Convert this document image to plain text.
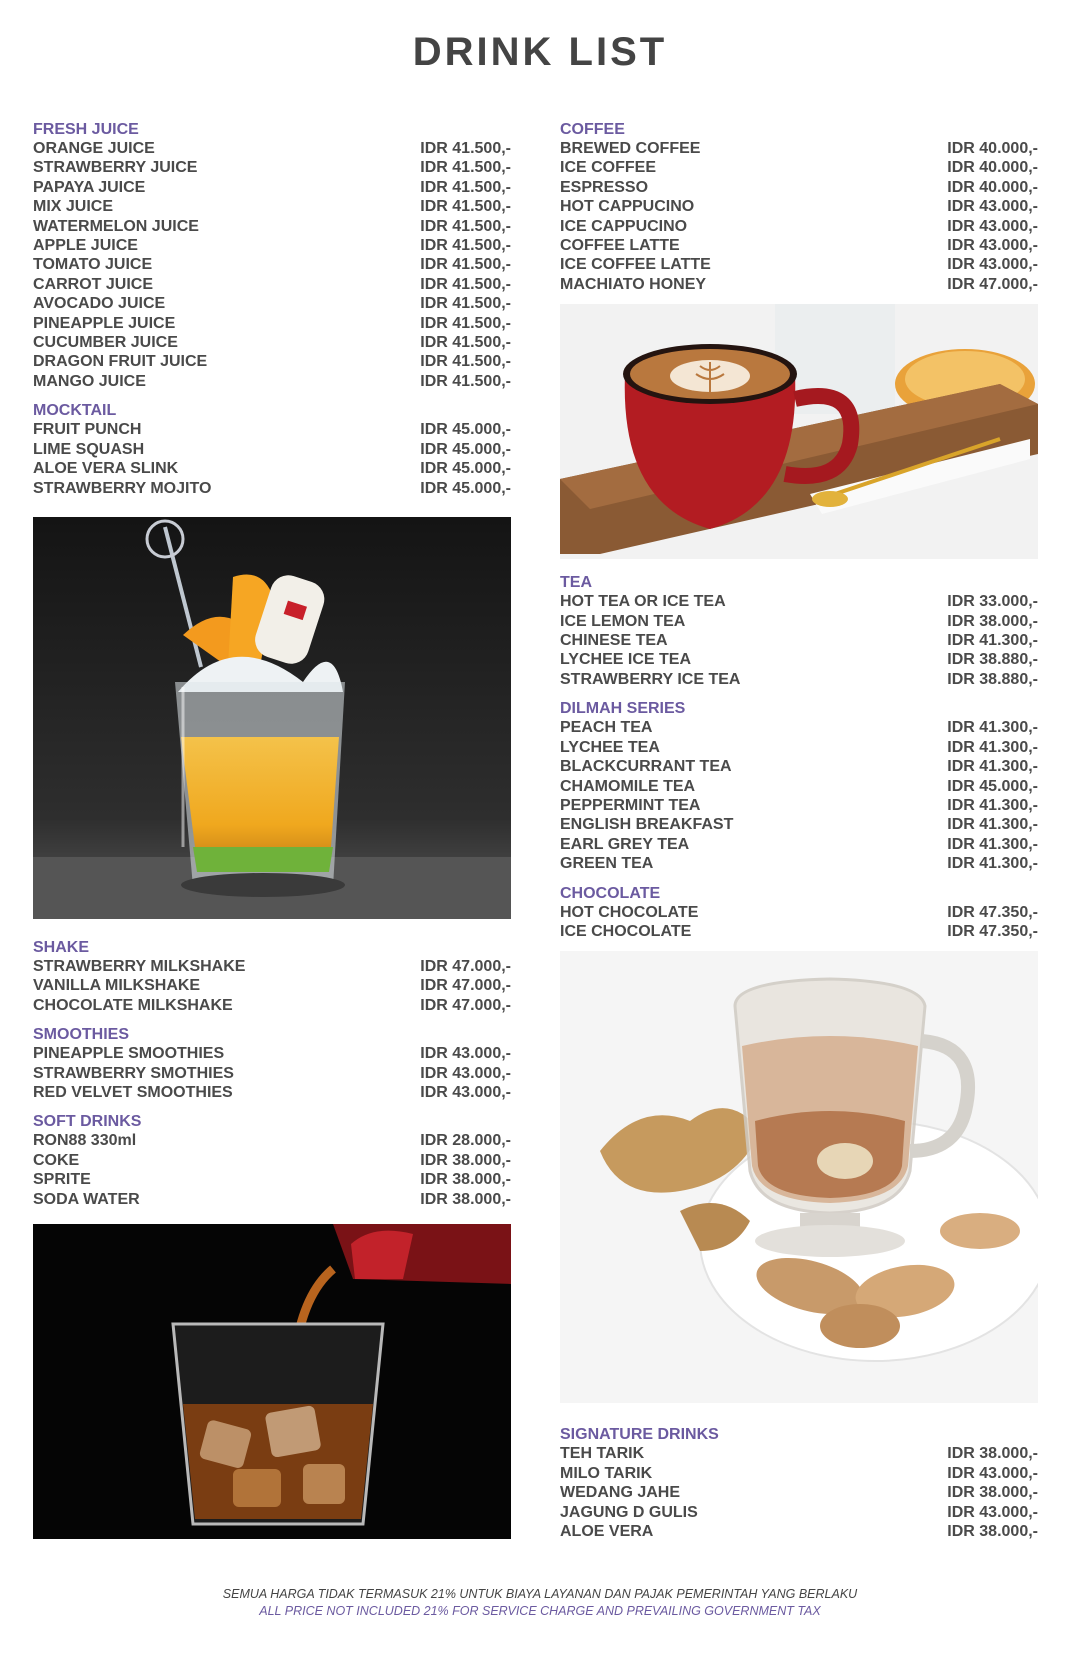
DRINK LIST
FRESH JUICE
ORANGE JUICE	IDR 41.500,-
STRAWBERRY JUICE	IDR 41.500,-
PAPAYA JUICE	IDR 41.500,-
MIX JUICE	IDR 41.500,-
WATERMELON JUICE	IDR 41.500,-
APPLE JUICE	IDR 41.500,-
TOMATO JUICE	IDR 41.500,-
CARROT JUICE	IDR 41.500,-
AVOCADO JUICE	IDR 41.500,-
PINEAPPLE JUICE	IDR 41.500,-
CUCUMBER JUICE	IDR 41.500,-
DRAGON FRUIT JUICE	IDR 41.500,-
MANGO JUICE	IDR 41.500,-
MOCKTAIL
FRUIT PUNCH	IDR 45.000,-
LIME SQUASH	IDR 45.000,-
ALOE VERA SLINK	IDR 45.000,-
STRAWBERRY MOJITO	IDR 45.000,-
SHAKE
STRAWBERRY MILKSHAKE	IDR 47.000,-
VANILLA MILKSHAKE	IDR 47.000,-
CHOCOLATE MILKSHAKE	IDR 47.000,-
SMOOTHIES
PINEAPPLE SMOOTHIES	IDR 43.000,-
STRAWBERRY SMOTHIES	IDR 43.000,-
RED VELVET SMOOTHIES	IDR 43.000,-
SOFT DRINKS
RON88 330ml	IDR 28.000,-
COKE	IDR 38.000,-
SPRITE	IDR 38.000,-
SODA WATER	IDR 38.000,-
COFFEE
BREWED COFFEE	IDR 40.000,-
ICE COFFEE	IDR 40.000,-
ESPRESSO	IDR 40.000,-
HOT CAPPUCINO	IDR 43.000,-
ICE CAPPUCINO	IDR 43.000,-
COFFEE LATTE	IDR 43.000,-
ICE COFFEE LATTE	IDR 43.000,-
MACHIATO HONEY	IDR 47.000,-
TEA
HOT TEA OR ICE TEA	IDR 33.000,-
ICE LEMON TEA	IDR 38.000,-
CHINESE TEA	IDR 41.300,-
LYCHEE ICE TEA	IDR 38.880,-
STRAWBERRY ICE TEA	IDR 38.880,-
DILMAH SERIES
PEACH TEA	IDR 41.300,-
LYCHEE TEA	IDR 41.300,-
BLACKCURRANT TEA	IDR 41.300,-
CHAMOMILE TEA	IDR 45.000,-
PEPPERMINT TEA	IDR 41.300,-
ENGLISH BREAKFAST	IDR 41.300,-
EARL GREY TEA	IDR 41.300,-
GREEN TEA	IDR 41.300,-
CHOCOLATE
HOT CHOCOLATE	IDR 47.350,-
ICE CHOCOLATE	IDR 47.350,-
SIGNATURE DRINKS
TEH TARIK	IDR 38.000,-
MILO TARIK	IDR 43.000,-
WEDANG JAHE	IDR 38.000,-
JAGUNG D GULIS	IDR 43.000,-
ALOE VERA	IDR 38.000,-
SEMUA HARGA TIDAK TERMASUK 21% UNTUK BIAYA LAYANAN DAN PAJAK PEMERINTAH YANG BERLAKU
ALL PRICE NOT INCLUDED 21% FOR SERVICE CHARGE AND PREVAILING GOVERNMENT TAX
